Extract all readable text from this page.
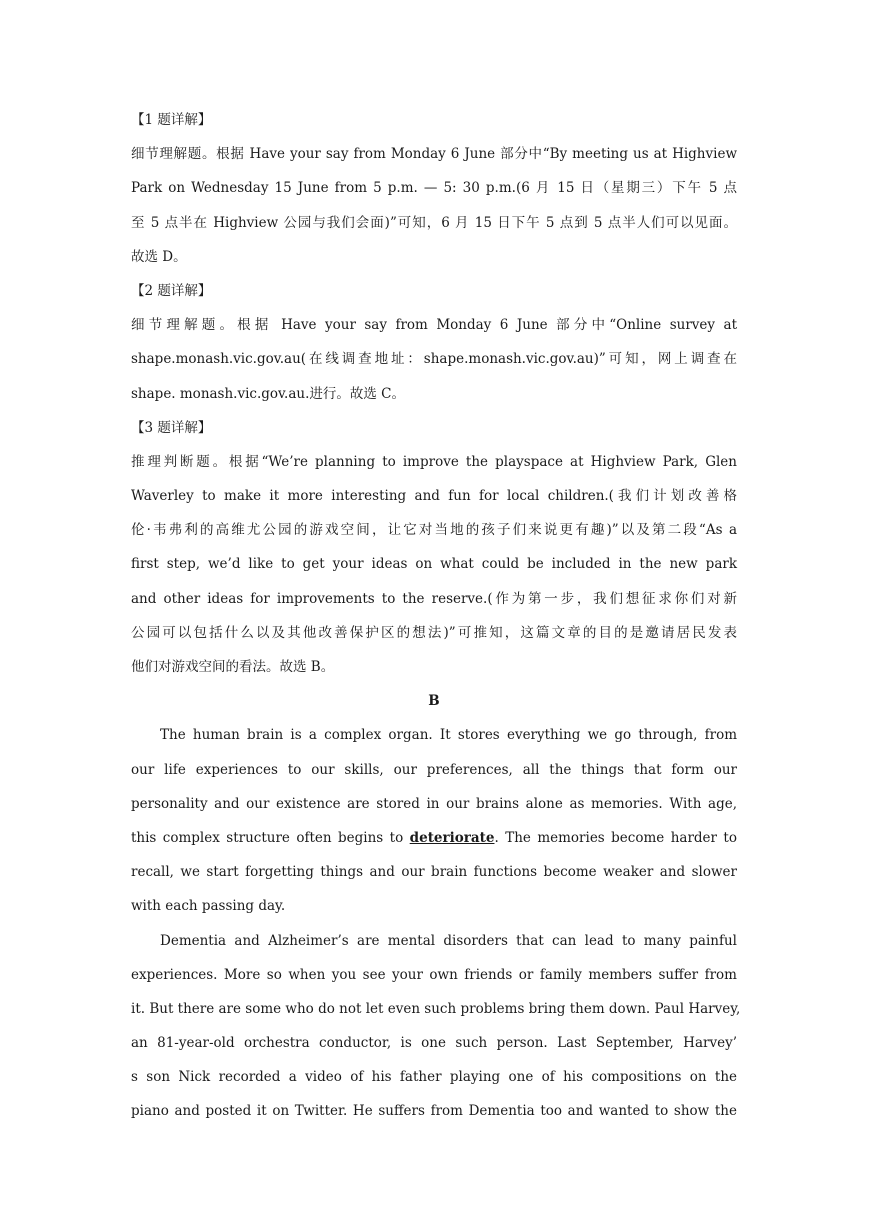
【1 题详解】
细节理解题。根据 Have your say from Monday 6 June 部分中“By meeting us at Highview
Park on Wednesday 15 June from 5 p.m. — 5: 30 p.m.(6 月 15 日（星期三）下午 5 点
至 5 点半在 Highview 公园与我们会面)”可知，6 月 15 日下午 5 点到 5 点半人们可以见面。
故选 D。
【2 题详解】
细节理解题。根据 Have your say from Monday 6 June 部分中“Online survey at
shape.monash.vic.gov.au(在线调查地址：shape.monash.vic.gov.au)”可知，网上调查在
shape. monash.vic.gov.au.进行。故选 C。
【3 题详解】
推理判断题。根据“We’re planning to improve the playspace at Highview Park, Glen
Waverley to make it more interesting and fun for local children.(我们计划改善格
伦·韦弗利的高维尤公园的游戏空间，让它对当地的孩子们来说更有趣)”以及第二段“As a
first step, we’d like to get your ideas on what could be included in the new park
and other ideas for improvements to the reserve.(作为第一步，我们想征求你们对新
公园可以包括什么以及其他改善保护区的想法)”可推知，这篇文章的目的是邀请居民发表
他们对游戏空间的看法。故选 B。
B
The human brain is a complex organ. It stores everything we go through, from
our life experiences to our skills, our preferences, all the things that form our
personality and our existence are stored in our brains alone as memories. With age,
this complex structure often begins to deteriorate. The memories become harder to
recall, we start forgetting things and our brain functions become weaker and slower
with each passing day.
Dementia and Alzheimer’s are mental disorders that can lead to many painful
experiences. More so when you see your own friends or family members suffer from
it. But there are some who do not let even such problems bring them down. Paul Harvey,
an 81-year-old orchestra conductor, is one such person. Last September, Harvey’
s son Nick recorded a video of his father playing one of his compositions on the
piano and posted it on Twitter. He suffers from Dementia too and wanted to show the
